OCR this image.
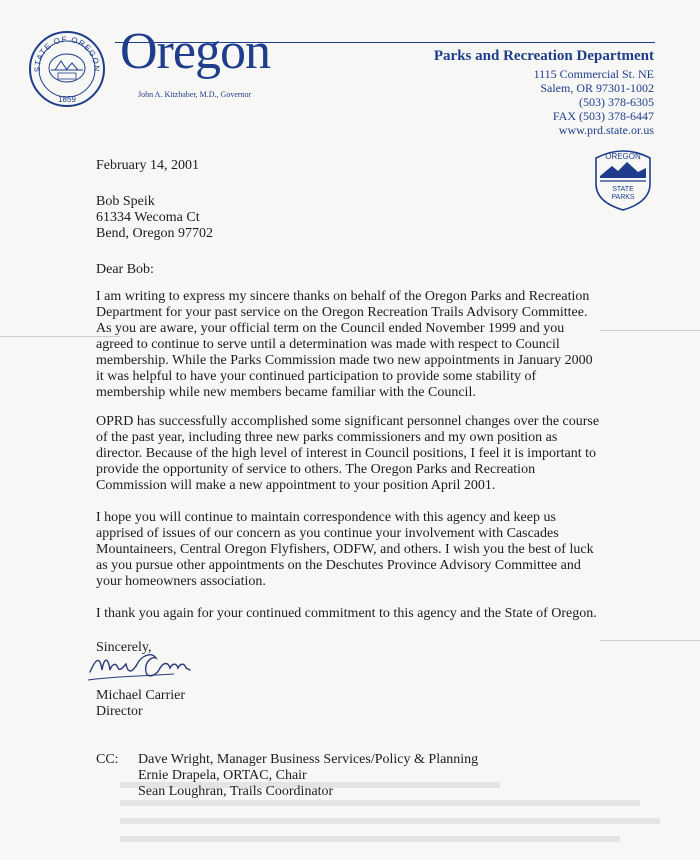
STATE OF OREGON
1859
Oregon
John A. Kitzhaber, M.D., Governor
Parks and Recreation Department
1115 Commercial St. NE
Salem, OR 97301-1002
(503) 378-6305
FAX (503) 378-6447
www.prd.state.or.us
OREGON
STATE
PARKS
February 14, 2001
Bob Speik
61334 Wecoma Ct
Bend, Oregon 97702
Dear Bob:
I am writing to express my sincere thanks on behalf of the Oregon Parks and Recreation
Department for your past service on the Oregon Recreation Trails Advisory Committee.
As you are aware, your official term on the Council ended November 1999 and you
agreed to continue to serve until a determination was made with respect to Council
membership. While the Parks Commission made two new appointments in January 2000
it was helpful to have your continued participation to provide some stability of
membership while new members became familiar with the Council.
OPRD has successfully accomplished some significant personnel changes over the course
of the past year, including three new parks commissioners and my own position as
director. Because of the high level of interest in Council positions, I feel it is important to
provide the opportunity of service to others. The Oregon Parks and Recreation
Commission will make a new appointment to your position April 2001.
I hope you will continue to maintain correspondence with this agency and keep us
apprised of issues of our concern as you continue your involvement with Cascades
Mountaineers, Central Oregon Flyfishers, ODFW, and others. I wish you the best of luck
as you pursue other appointments on the Deschutes Province Advisory Committee and
your homeowners association.
I thank you again for your continued commitment to this agency and the State of Oregon.
Sincerely,
Michael Carrier
Director
CC: Dave Wright, Manager Business Services/Policy & Planning
Ernie Drapela, ORTAC, Chair
Sean Loughran, Trails Coordinator
